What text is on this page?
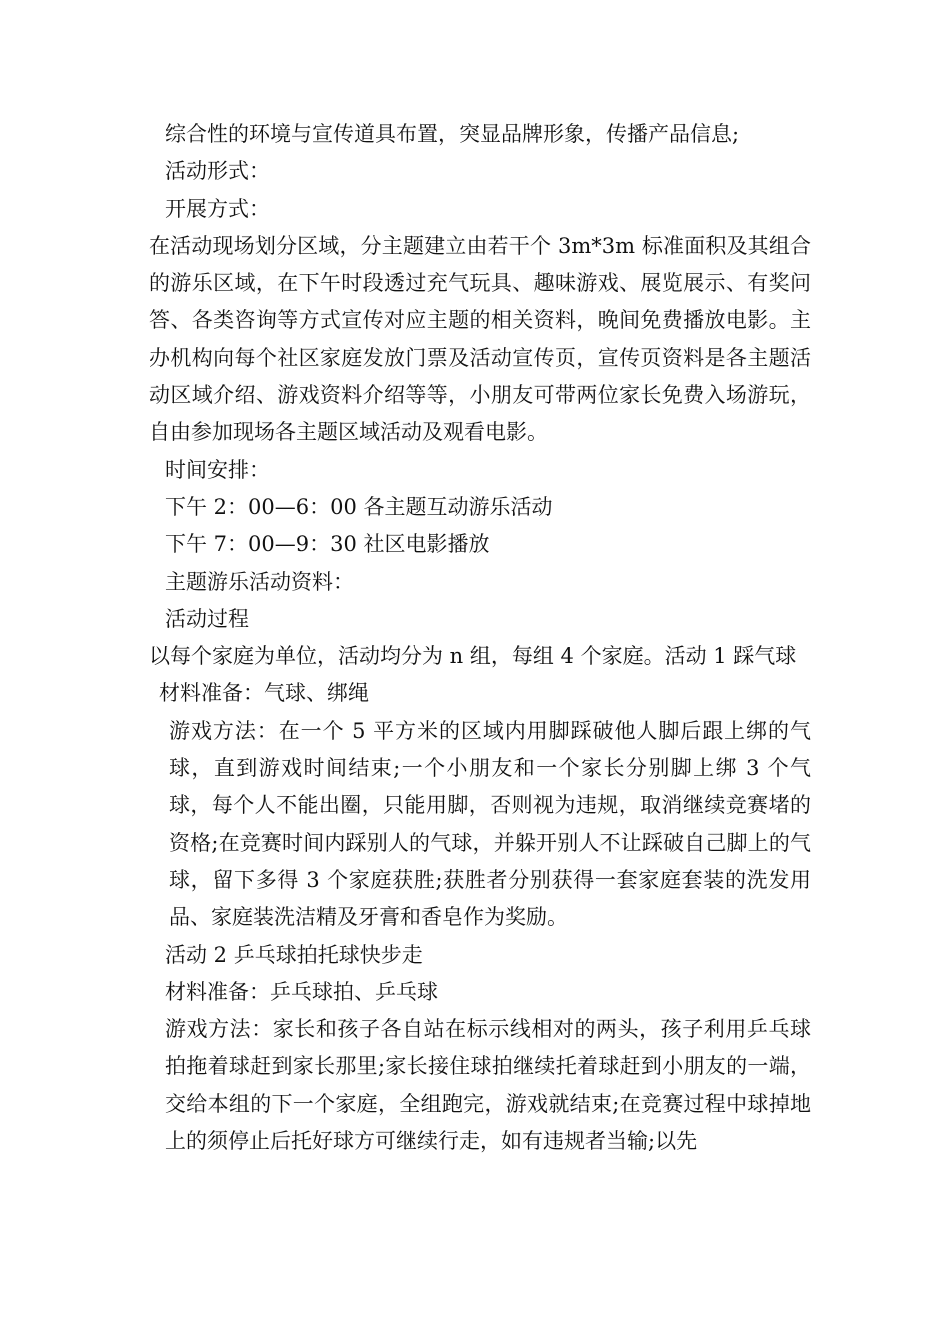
综合性的环境与宣传道具布置，突显品牌形象，传播产品信息;

活动形式：

开展方式：

在活动现场划分区域，分主题建立由若干个 3m*3m 标准面积及其组合的游乐区域，在下午时段透过充气玩具、趣味游戏、展览展示、有奖问答、各类咨询等方式宣传对应主题的相关资料，晚间免费播放电影。主办机构向每个社区家庭发放门票及活动宣传页，宣传页资料是各主题活动区域介绍、游戏资料介绍等等，小朋友可带两位家长免费入场游玩，自由参加现场各主题区域活动及观看电影。

时间安排：

下午 2：00—6：00 各主题互动游乐活动

下午 7：00—9：30 社区电影播放

主题游乐活动资料：

活动过程

以每个家庭为单位，活动均分为 n 组，每组 4 个家庭。活动 1 踩气球

材料准备：气球、绑绳

游戏方法：在一个 5 平方米的区域内用脚踩破他人脚后跟上绑的气球，直到游戏时间结束;一个小朋友和一个家长分别脚上绑 3 个气球，每个人不能出圈，只能用脚，否则视为违规，取消继续竞赛堵的资格;在竞赛时间内踩别人的气球，并躲开别人不让踩破自己脚上的气球，留下多得 3 个家庭获胜;获胜者分别获得一套家庭套装的洗发用品、家庭装洗洁精及牙膏和香皂作为奖励。

活动 2 乒乓球拍托球快步走

材料准备：乒乓球拍、乒乓球

游戏方法：家长和孩子各自站在标示线相对的两头，孩子利用乒乓球拍拖着球赶到家长那里;家长接住球拍继续托着球赶到小朋友的一端，交给本组的下一个家庭，全组跑完，游戏就结束;在竞赛过程中球掉地上的须停止后托好球方可继续行走，如有违规者当输;以先
